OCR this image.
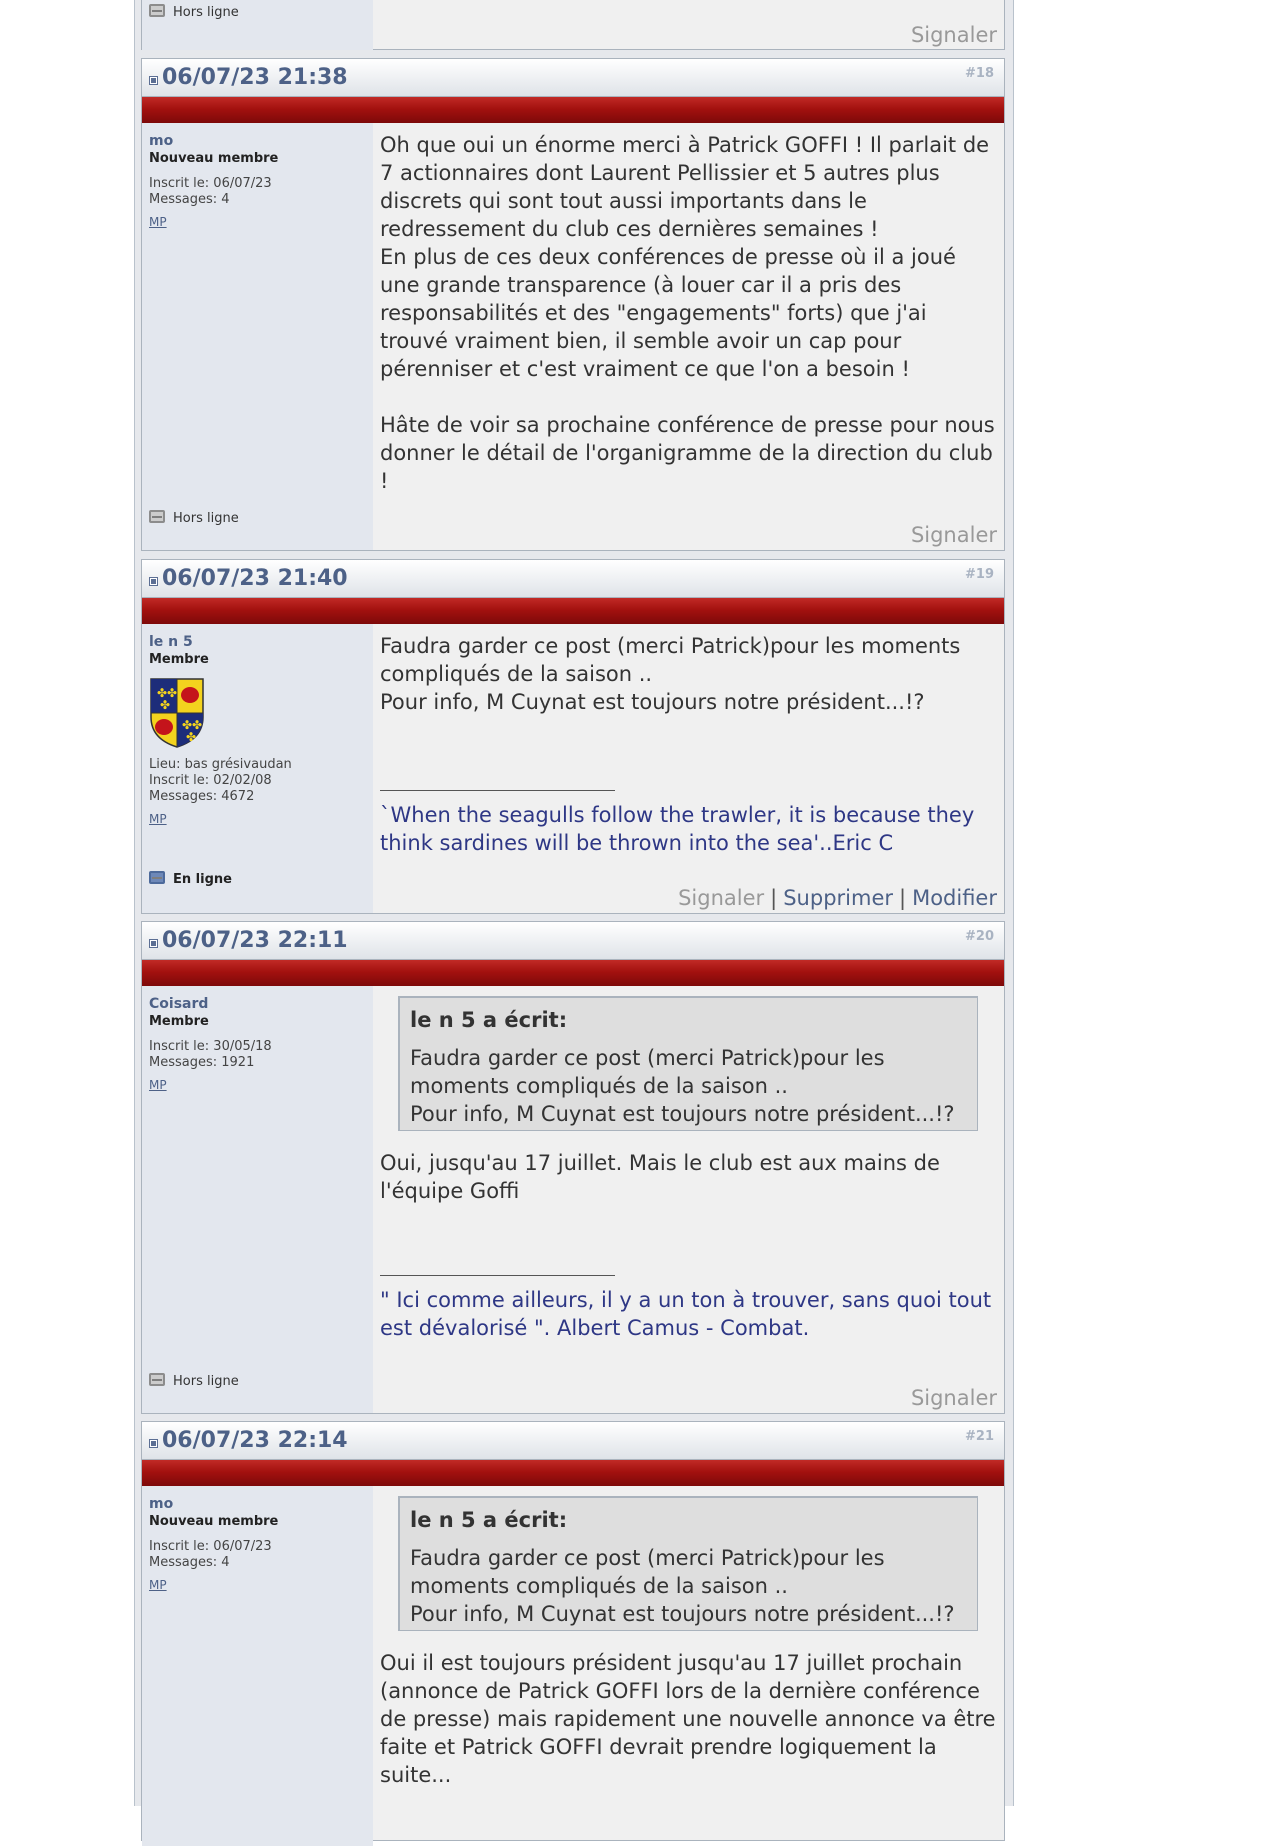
Hors ligne
Signaler
06/07/23 21:38	#18
mo
Nouveau membre
Inscrit le: 06/07/23
Messages: 4
MP
Hors ligne

Oh que oui un énorme merci à Patrick GOFFI ! Il parlait de 7 actionnaires dont Laurent Pellissier et 5 autres plus discrets qui sont tout aussi importants dans le redressement du club ces dernières semaines !

En plus de ces deux conférences de presse où il a joué une grande transparence (à louer car il a pris des responsabilités et des "engagements" forts) que j'ai trouvé vraiment bien, il semble avoir un cap pour pérenniser et c'est vraiment ce que l'on a besoin !

Hâte de voir sa prochaine conférence de presse pour nous donner le détail de l'organigramme de la direction du club !

Signaler
06/07/23 21:40	#19
le n 5
Membre
✤✤
✤
✤✤
✤
Lieu: bas grésivaudan
Inscrit le: 02/02/08
Messages: 4672
MP
En ligne

Faudra garder ce post (merci Patrick)pour les moments compliqués de la saison ..

Pour info, M Cuynat est toujours notre président...!?

`When the seagulls follow the trawler, it is because they think sardines will be thrown into the sea'..Eric C

Signaler | Supprimer | Modifier
06/07/23 22:11	#20
Coisard
Membre
Inscrit le: 30/05/18
Messages: 1921
MP
Hors ligne
le n 5 a écrit:

Faudra garder ce post (merci Patrick)pour les moments compliqués de la saison ..

Pour info, M Cuynat est toujours notre président...!?

Oui, jusqu'au 17 juillet. Mais le club est aux mains de l'équipe Goffi

" Ici comme ailleurs, il y a un ton à trouver, sans quoi tout est dévalorisé ". Albert Camus - Combat.

Signaler
06/07/23 22:14	#21
mo
Nouveau membre
Inscrit le: 06/07/23
Messages: 4
MP
le n 5 a écrit:

Faudra garder ce post (merci Patrick)pour les moments compliqués de la saison ..

Pour info, M Cuynat est toujours notre président...!?

Oui il est toujours président jusqu'au 17 juillet prochain (annonce de Patrick GOFFI lors de la dernière conférence de presse) mais rapidement une nouvelle annonce va être faite et Patrick GOFFI devrait prendre logiquement la suite...
